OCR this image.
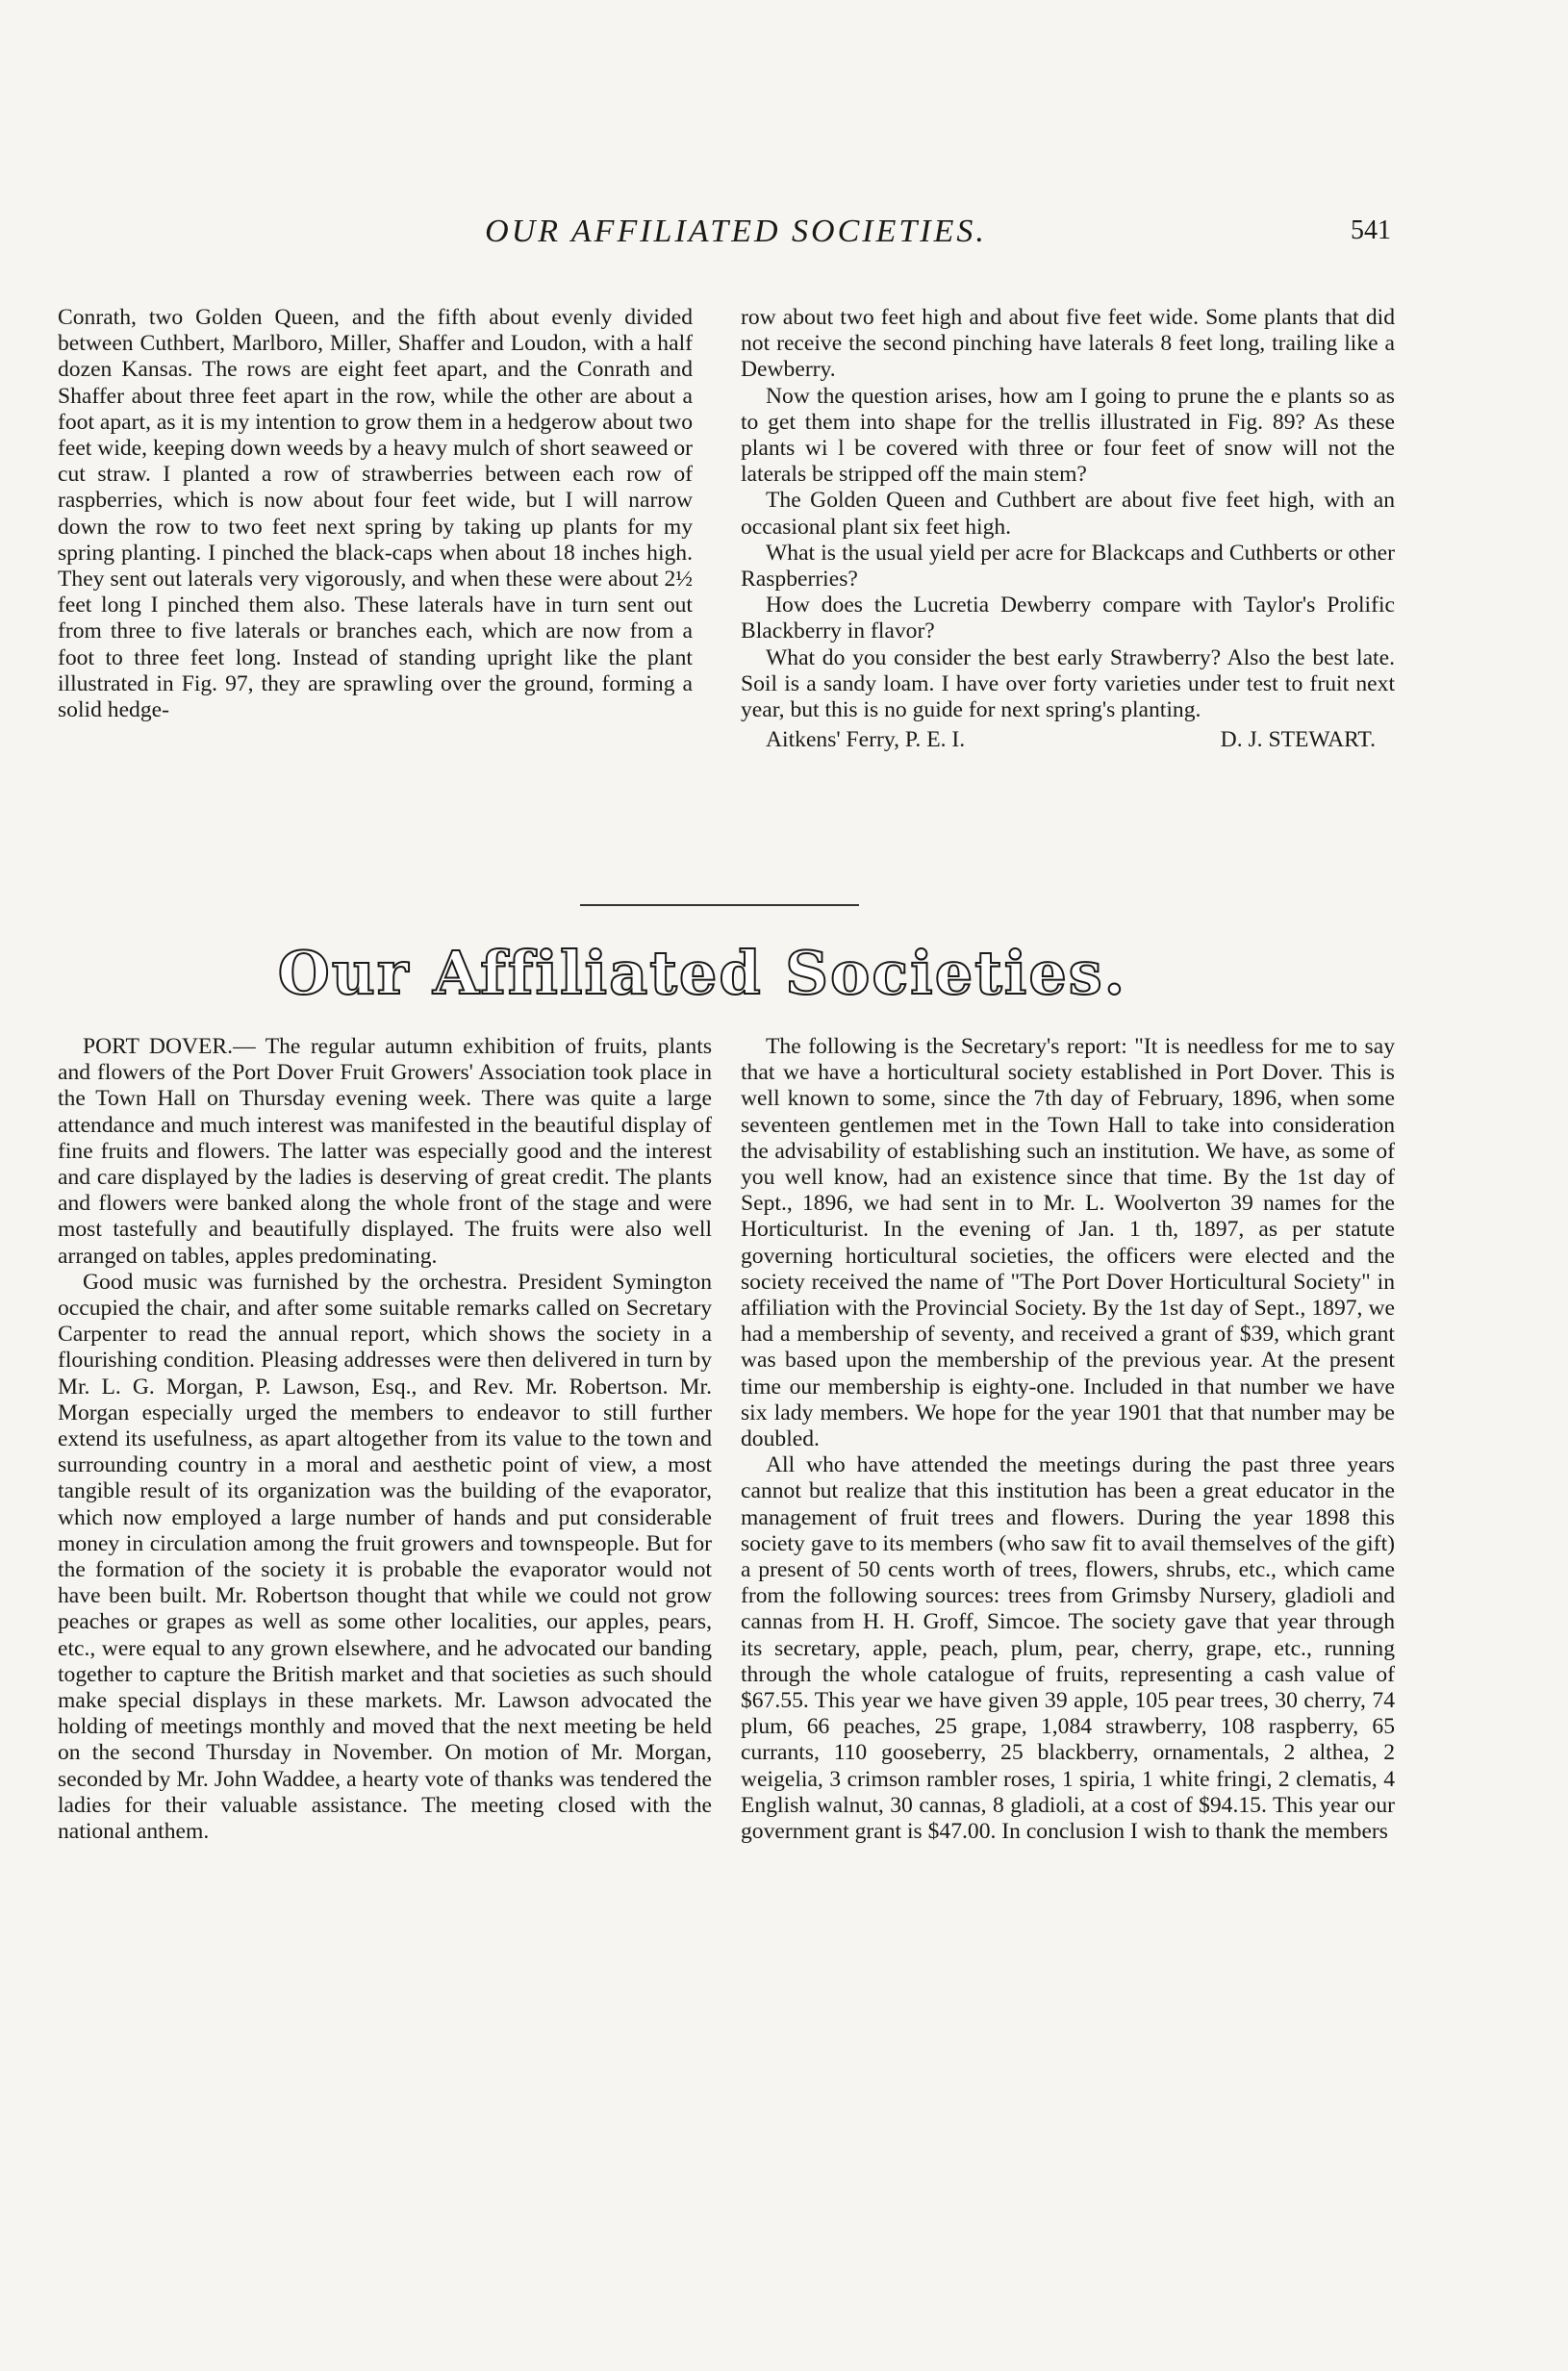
OUR AFFILIATED SOCIETIES.	541

Conrath, two Golden Queen, and the fifth about evenly divided between Cuthbert, Marlboro, Miller, Shaffer and Loudon, with a half dozen Kansas. The rows are eight feet apart, and the Conrath and Shaffer about three feet apart in the row, while the other are about a foot apart, as it is my intention to grow them in a hedgerow about two feet wide, keeping down weeds by a heavy mulch of short seaweed or cut straw. I planted a row of strawberries between each row of raspberries, which is now about four feet wide, but I will narrow down the row to two feet next spring by taking up plants for my spring planting. I pinched the black-caps when about 18 inches high. They sent out laterals very vigorously, and when these were about 2½ feet long I pinched them also. These laterals have in turn sent out from three to five laterals or branches each, which are now from a foot to three feet long. Instead of standing upright like the plant illustrated in Fig. 97, they are sprawling over the ground, forming a solid hedge-

row about two feet high and about five feet wide. Some plants that did not receive the second pinching have laterals 8 feet long, trailing like a Dewberry.

Now the question arises, how am I going to prune the e plants so as to get them into shape for the trellis illustrated in Fig. 89? As these plants wi l be covered with three or four feet of snow will not the laterals be stripped off the main stem?

The Golden Queen and Cuthbert are about five feet high, with an occasional plant six feet high.

What is the usual yield per acre for Blackcaps and Cuthberts or other Raspberries?

How does the Lucretia Dewberry compare with Taylor's Prolific Blackberry in flavor?

What do you consider the best early Strawberry? Also the best late. Soil is a sandy loam. I have over forty varieties under test to fruit next year, but this is no guide for next spring's planting.

Aitkens' Ferry, P. E. I.	D. J. STEWART.
Our Affiliated Societies.

PORT DOVER.— The regular autumn exhibition of fruits, plants and flowers of the Port Dover Fruit Growers' Association took place in the Town Hall on Thursday evening week. There was quite a large attendance and much interest was manifested in the beautiful display of fine fruits and flowers. The latter was especially good and the interest and care displayed by the ladies is deserving of great credit. The plants and flowers were banked along the whole front of the stage and were most tastefully and beautifully displayed. The fruits were also well arranged on tables, apples predominating.

Good music was furnished by the orchestra. President Symington occupied the chair, and after some suitable remarks called on Secretary Carpenter to read the annual report, which shows the society in a flourishing condition. Pleasing addresses were then delivered in turn by Mr. L. G. Morgan, P. Lawson, Esq., and Rev. Mr. Robertson. Mr. Morgan especially urged the members to endeavor to still further extend its usefulness, as apart altogether from its value to the town and surrounding country in a moral and aesthetic point of view, a most tangible result of its organization was the building of the evaporator, which now employed a large number of hands and put considerable money in circulation among the fruit growers and townspeople. But for the formation of the society it is probable the evaporator would not have been built. Mr. Robertson thought that while we could not grow peaches or grapes as well as some other localities, our apples, pears, etc., were equal to any grown elsewhere, and he advocated our banding together to capture the British market and that societies as such should make special displays in these markets. Mr. Lawson advocated the holding of meetings monthly and moved that the next meeting be held on the second Thursday in November. On motion of Mr. Morgan, seconded by Mr. John Waddee, a hearty vote of thanks was tendered the ladies for their valuable assistance. The meeting closed with the national anthem.

The following is the Secretary's report: "It is needless for me to say that we have a horticultural society established in Port Dover. This is well known to some, since the 7th day of February, 1896, when some seventeen gentlemen met in the Town Hall to take into consideration the advisability of establishing such an institution. We have, as some of you well know, had an existence since that time. By the 1st day of Sept., 1896, we had sent in to Mr. L. Woolverton 39 names for the Horticulturist. In the evening of Jan. 1 th, 1897, as per statute governing horticultural societies, the officers were elected and the society received the name of "The Port Dover Horticultural Society" in affiliation with the Provincial Society. By the 1st day of Sept., 1897, we had a membership of seventy, and received a grant of $39, which grant was based upon the membership of the previous year. At the present time our membership is eighty-one. Included in that number we have six lady members. We hope for the year 1901 that that number may be doubled.

All who have attended the meetings during the past three years cannot but realize that this institution has been a great educator in the management of fruit trees and flowers. During the year 1898 this society gave to its members (who saw fit to avail themselves of the gift) a present of 50 cents worth of trees, flowers, shrubs, etc., which came from the following sources: trees from Grimsby Nursery, gladioli and cannas from H. H. Groff, Simcoe. The society gave that year through its secretary, apple, peach, plum, pear, cherry, grape, etc., running through the whole catalogue of fruits, representing a cash value of $67.55. This year we have given 39 apple, 105 pear trees, 30 cherry, 74 plum, 66 peaches, 25 grape, 1,084 strawberry, 108 raspberry, 65 currants, 110 gooseberry, 25 blackberry, ornamentals, 2 althea, 2 weigelia, 3 crimson rambler roses, 1 spiria, 1 white fringi, 2 clematis, 4 English walnut, 30 cannas, 8 gladioli, at a cost of $94.15. This year our government grant is $47.00. In conclusion I wish to thank the members
